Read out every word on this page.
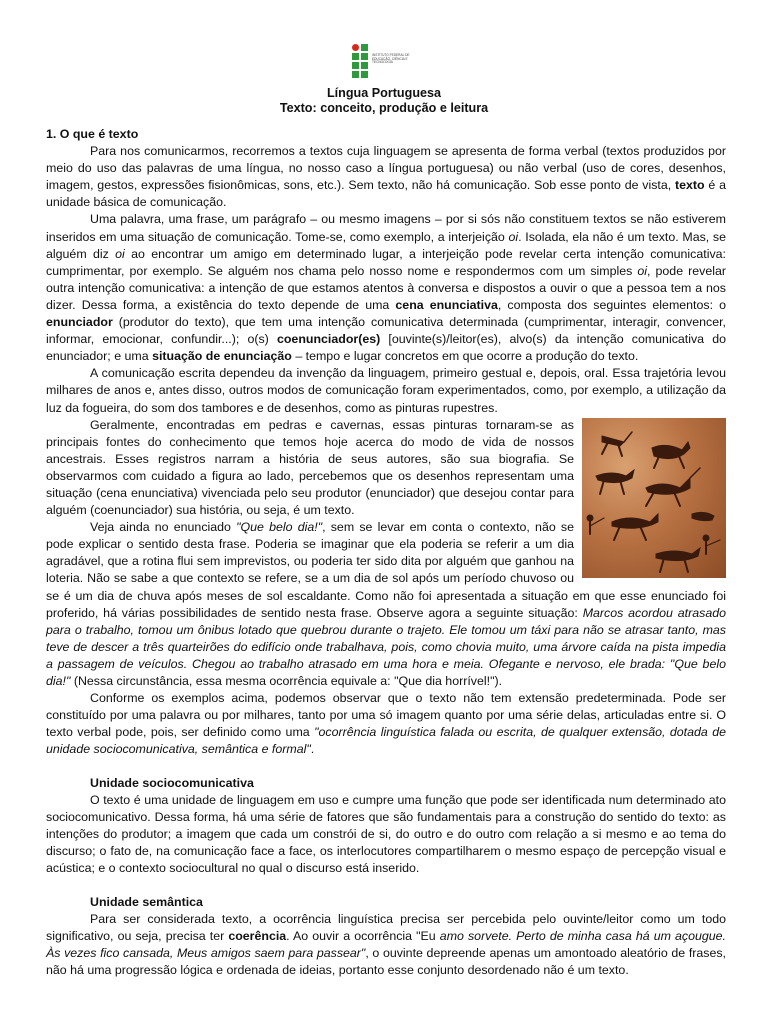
INSTITUTO FEDERAL DE EDUCAÇÃO, CIÊNCIA E TECNOLOGIA
Língua Portuguesa
Texto: conceito, produção e leitura

1. O que é texto

Para nos comunicarmos, recorremos a textos cuja linguagem se apresenta de forma verbal (textos produzidos por meio do uso das palavras de uma língua, no nosso caso a língua portuguesa) ou não verbal (uso de cores, desenhos, imagem, gestos, expressões fisionômicas, sons, etc.). Sem texto, não há comunicação. Sob esse ponto de vista, texto é a unidade básica de comunicação.

Uma palavra, uma frase, um parágrafo – ou mesmo imagens – por si sós não constituem textos se não estiverem inseridos em uma situação de comunicação. Tome-se, como exemplo, a interjeição oi. Isolada, ela não é um texto. Mas, se alguém diz oi ao encontrar um amigo em determinado lugar, a interjeição pode revelar certa intenção comunicativa: cumprimentar, por exemplo. Se alguém nos chama pelo nosso nome e respondermos com um simples oi, pode revelar outra intenção comunicativa: a intenção de que estamos atentos à conversa e dispostos a ouvir o que a pessoa tem a nos dizer. Dessa forma, a existência do texto depende de uma cena enunciativa, composta dos seguintes elementos: o enunciador (produtor do texto), que tem uma intenção comunicativa determinada (cumprimentar, interagir, convencer, informar, emocionar, confundir...); o(s) coenunciador(es) [ouvinte(s)/leitor(es), alvo(s) da intenção comunicativa do enunciador; e uma situação de enunciação – tempo e lugar concretos em que ocorre a produção do texto.

A comunicação escrita dependeu da invenção da linguagem, primeiro gestual e, depois, oral. Essa trajetória levou milhares de anos e, antes disso, outros modos de comunicação foram experimentados, como, por exemplo, a utilização da luz da fogueira, do som dos tambores e de desenhos, como as pinturas rupestres.

Geralmente, encontradas em pedras e cavernas, essas pinturas tornaram-se as principais fontes do conhecimento que temos hoje acerca do modo de vida de nossos ancestrais. Esses registros narram a história de seus autores, são sua biografia. Se observarmos com cuidado a figura ao lado, percebemos que os desenhos representam uma situação (cena enunciativa) vivenciada pelo seu produtor (enunciador) que desejou contar para alguém (coenunciador) sua história, ou seja, é um texto.

Veja ainda no enunciado "Que belo dia!", sem se levar em conta o contexto, não se pode explicar o sentido desta frase. Poderia se imaginar que ela poderia se referir a um dia agradável, que a rotina flui sem imprevistos, ou poderia ter sido dita por alguém que ganhou na loteria. Não se sabe a que contexto se refere, se a um dia de sol após um período chuvoso ou se é um dia de chuva após meses de sol escaldante. Como não foi apresentada a situação em que esse enunciado foi proferido, há várias possibilidades de sentido nesta frase. Observe agora a seguinte situação: Marcos acordou atrasado para o trabalho, tomou um ônibus lotado que quebrou durante o trajeto. Ele tomou um táxi para não se atrasar tanto, mas teve de descer a três quarteirões do edifício onde trabalhava, pois, como chovia muito, uma árvore caída na pista impedia a passagem de veículos. Chegou ao trabalho atrasado em uma hora e meia. Ofegante e nervoso, ele brada: "Que belo dia!" (Nessa circunstância, essa mesma ocorrência equivale a: "Que dia horrível!").

Conforme os exemplos acima, podemos observar que o texto não tem extensão predeterminada. Pode ser constituído por uma palavra ou por milhares, tanto por uma só imagem quanto por uma série delas, articuladas entre si. O texto verbal pode, pois, ser definido como uma "ocorrência linguística falada ou escrita, de qualquer extensão, dotada de unidade sociocomunicativa, semântica e formal".

Unidade sociocomunicativa

O texto é uma unidade de linguagem em uso e cumpre uma função que pode ser identificada num determinado ato sociocomunicativo. Dessa forma, há uma série de fatores que são fundamentais para a construção do sentido do texto: as intenções do produtor; a imagem que cada um constrói de si, do outro e do outro com relação a si mesmo e ao tema do discurso; o fato de, na comunicação face a face, os interlocutores compartilharem o mesmo espaço de percepção visual e acústica; e o contexto sociocultural no qual o discurso está inserido.

Unidade semântica

Para ser considerada texto, a ocorrência linguística precisa ser percebida pelo ouvinte/leitor como um todo significativo, ou seja, precisa ter coerência. Ao ouvir a ocorrência "Eu amo sorvete. Perto de minha casa há um açougue. Às vezes fico cansada, Meus amigos saem para passear", o ouvinte depreende apenas um amontoado aleatório de frases, não há uma progressão lógica e ordenada de ideias, portanto esse conjunto desordenado não é um texto.
